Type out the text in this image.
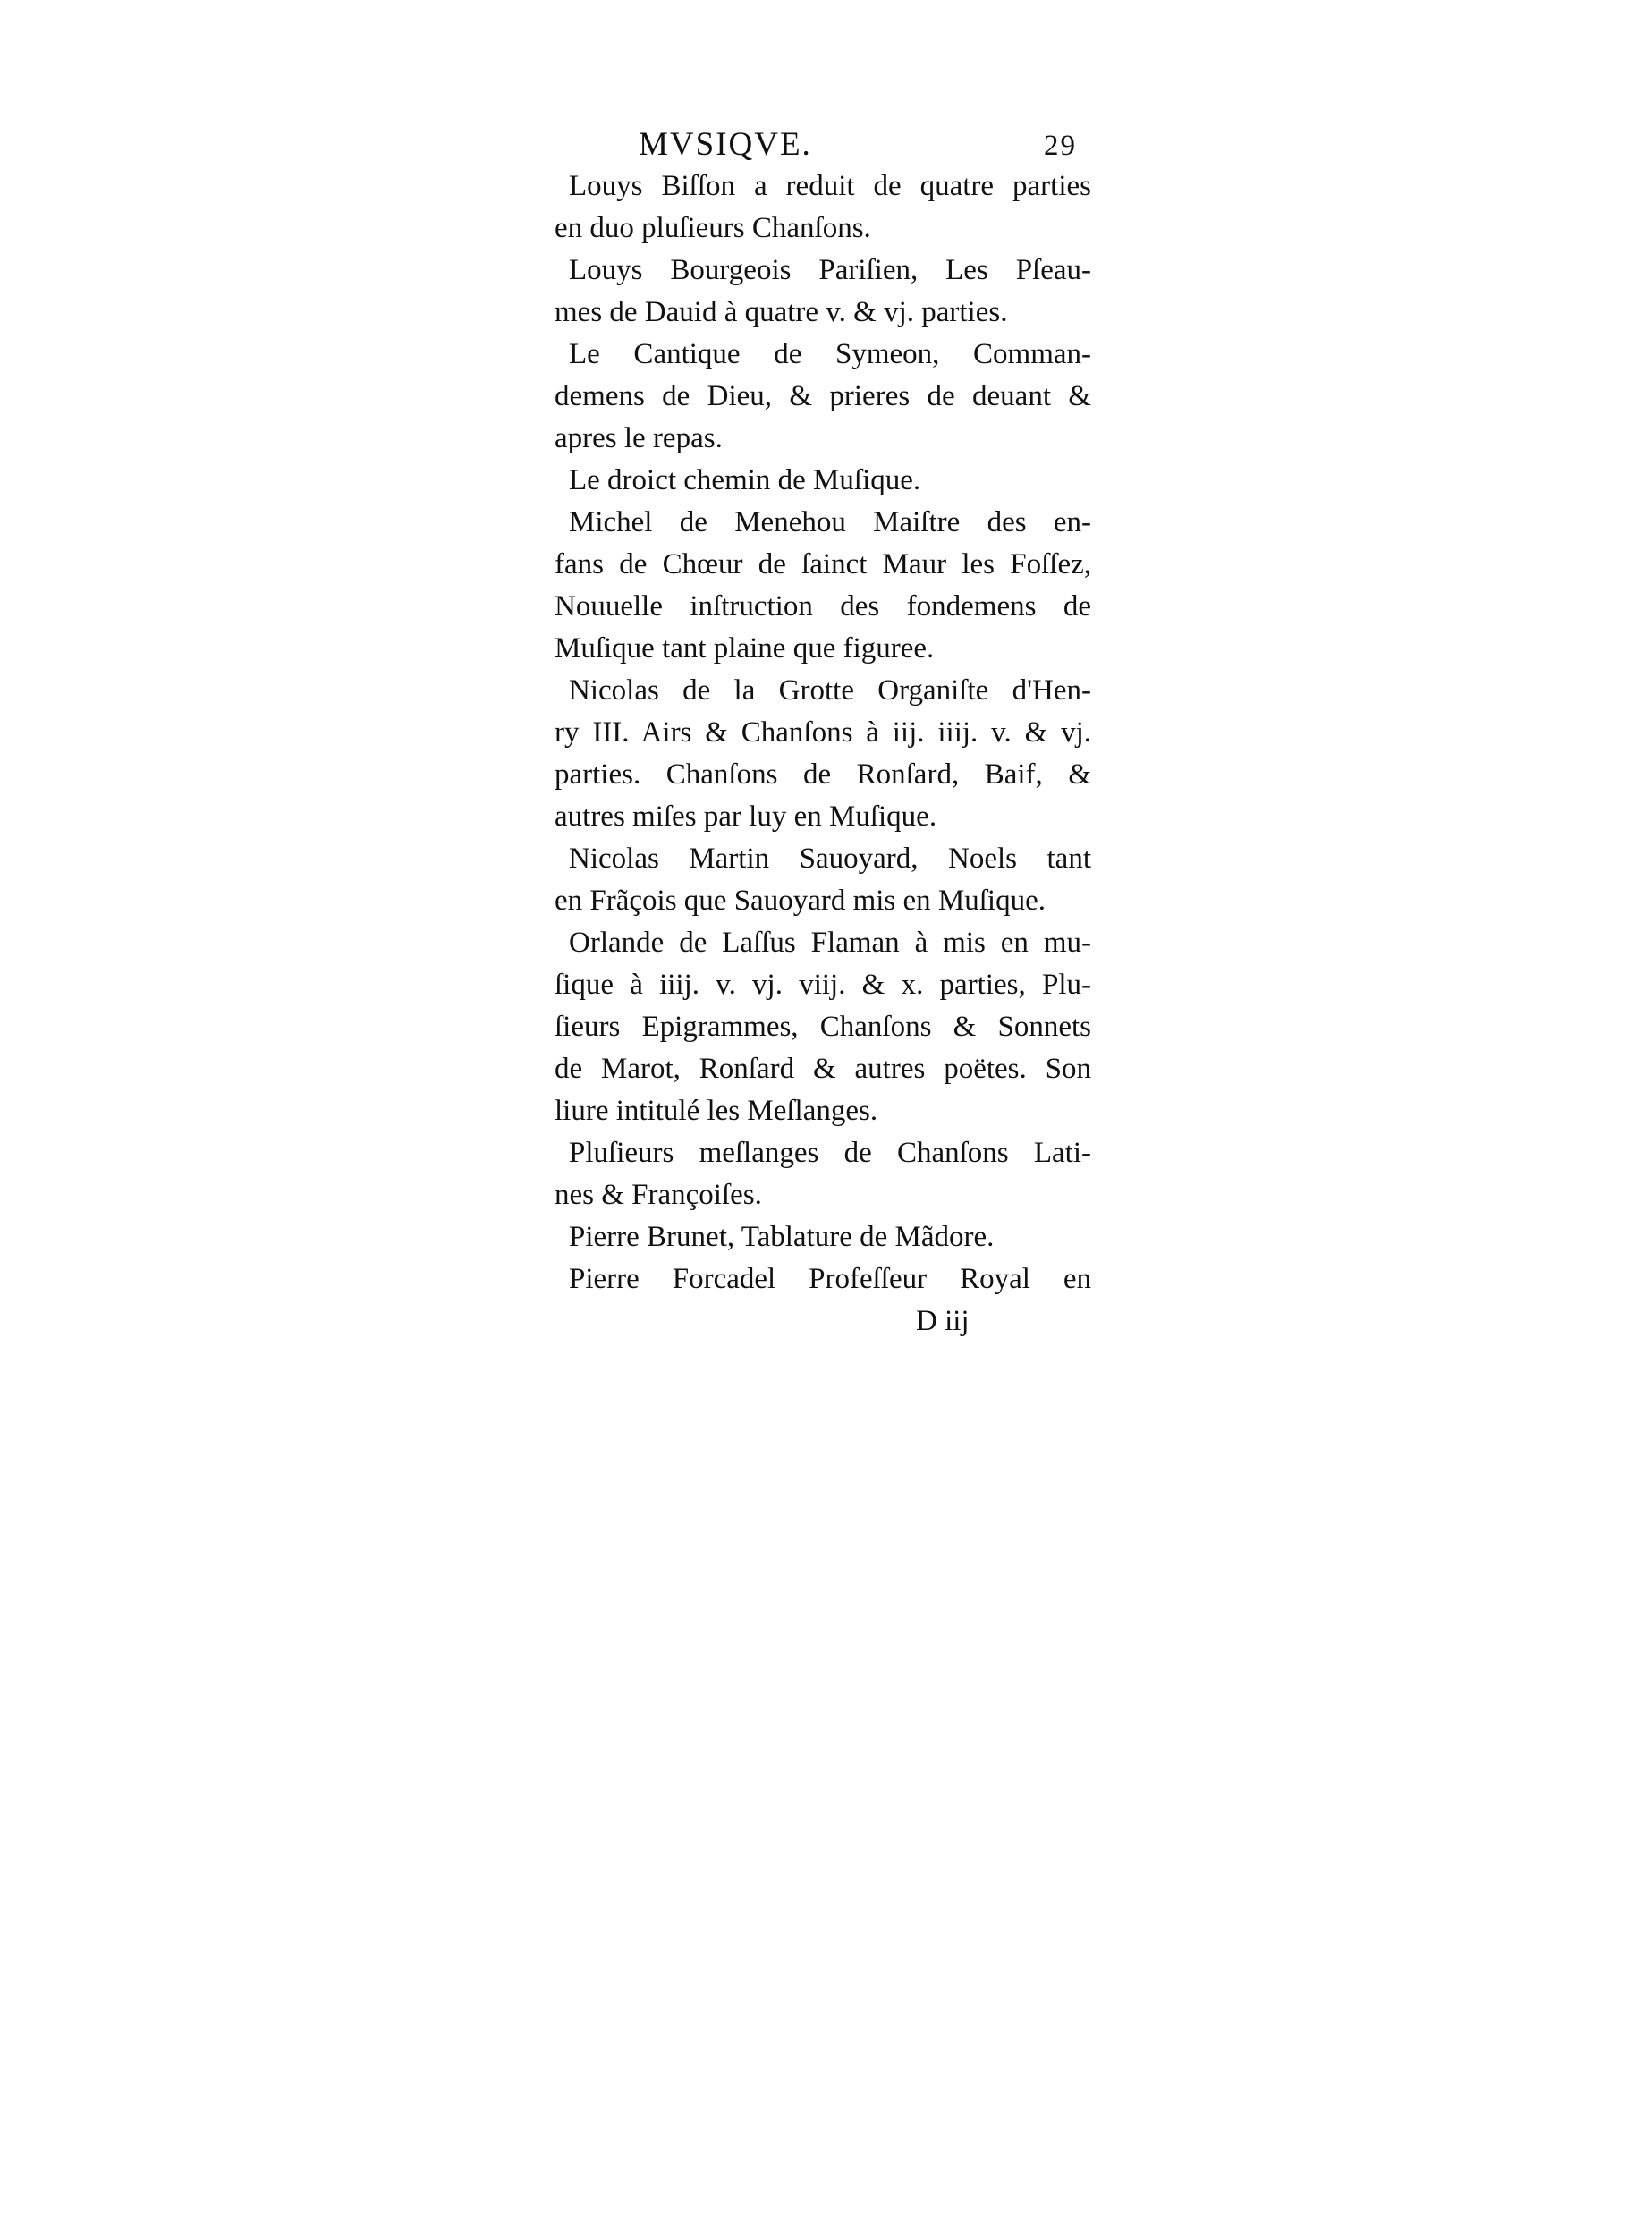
MVSIQVE.	29
Louys Biſſon a reduit de quatre parties
en duo pluſieurs Chanſons.
Louys Bourgeois Pariſien, Les Pſeau-
mes de Dauid à quatre v. & vj. parties.
Le Cantique de Symeon, Comman-
demens de Dieu, & prieres de deuant &
apres le repas.
Le droict chemin de Muſique.
Michel de Menehou Maiſtre des en-
fans de Chœur de ſainct Maur les Foſſez,
Nouuelle inſtruction des fondemens de
Muſique tant plaine que figuree.
Nicolas de la Grotte Organiſte d'Hen-
ry III. Airs & Chanſons à iij. iiij. v. & vj.
parties. Chanſons de Ronſard, Baif, &
autres miſes par luy en Muſique.
Nicolas Martin Sauoyard, Noels tant
en Frãçois que Sauoyard mis en Muſique.
Orlande de Laſſus Flaman à mis en mu-
ſique à iiij. v. vj. viij. & x. parties, Plu-
ſieurs Epigrammes, Chanſons & Sonnets
de Marot, Ronſard & autres poëtes. Son
liure intitulé les Meſlanges.
Pluſieurs meſlanges de Chanſons Lati-
nes & Françoiſes.
Pierre Brunet, Tablature de Mãdore.
Pierre Forcadel Profeſſeur Royal en
D iij
